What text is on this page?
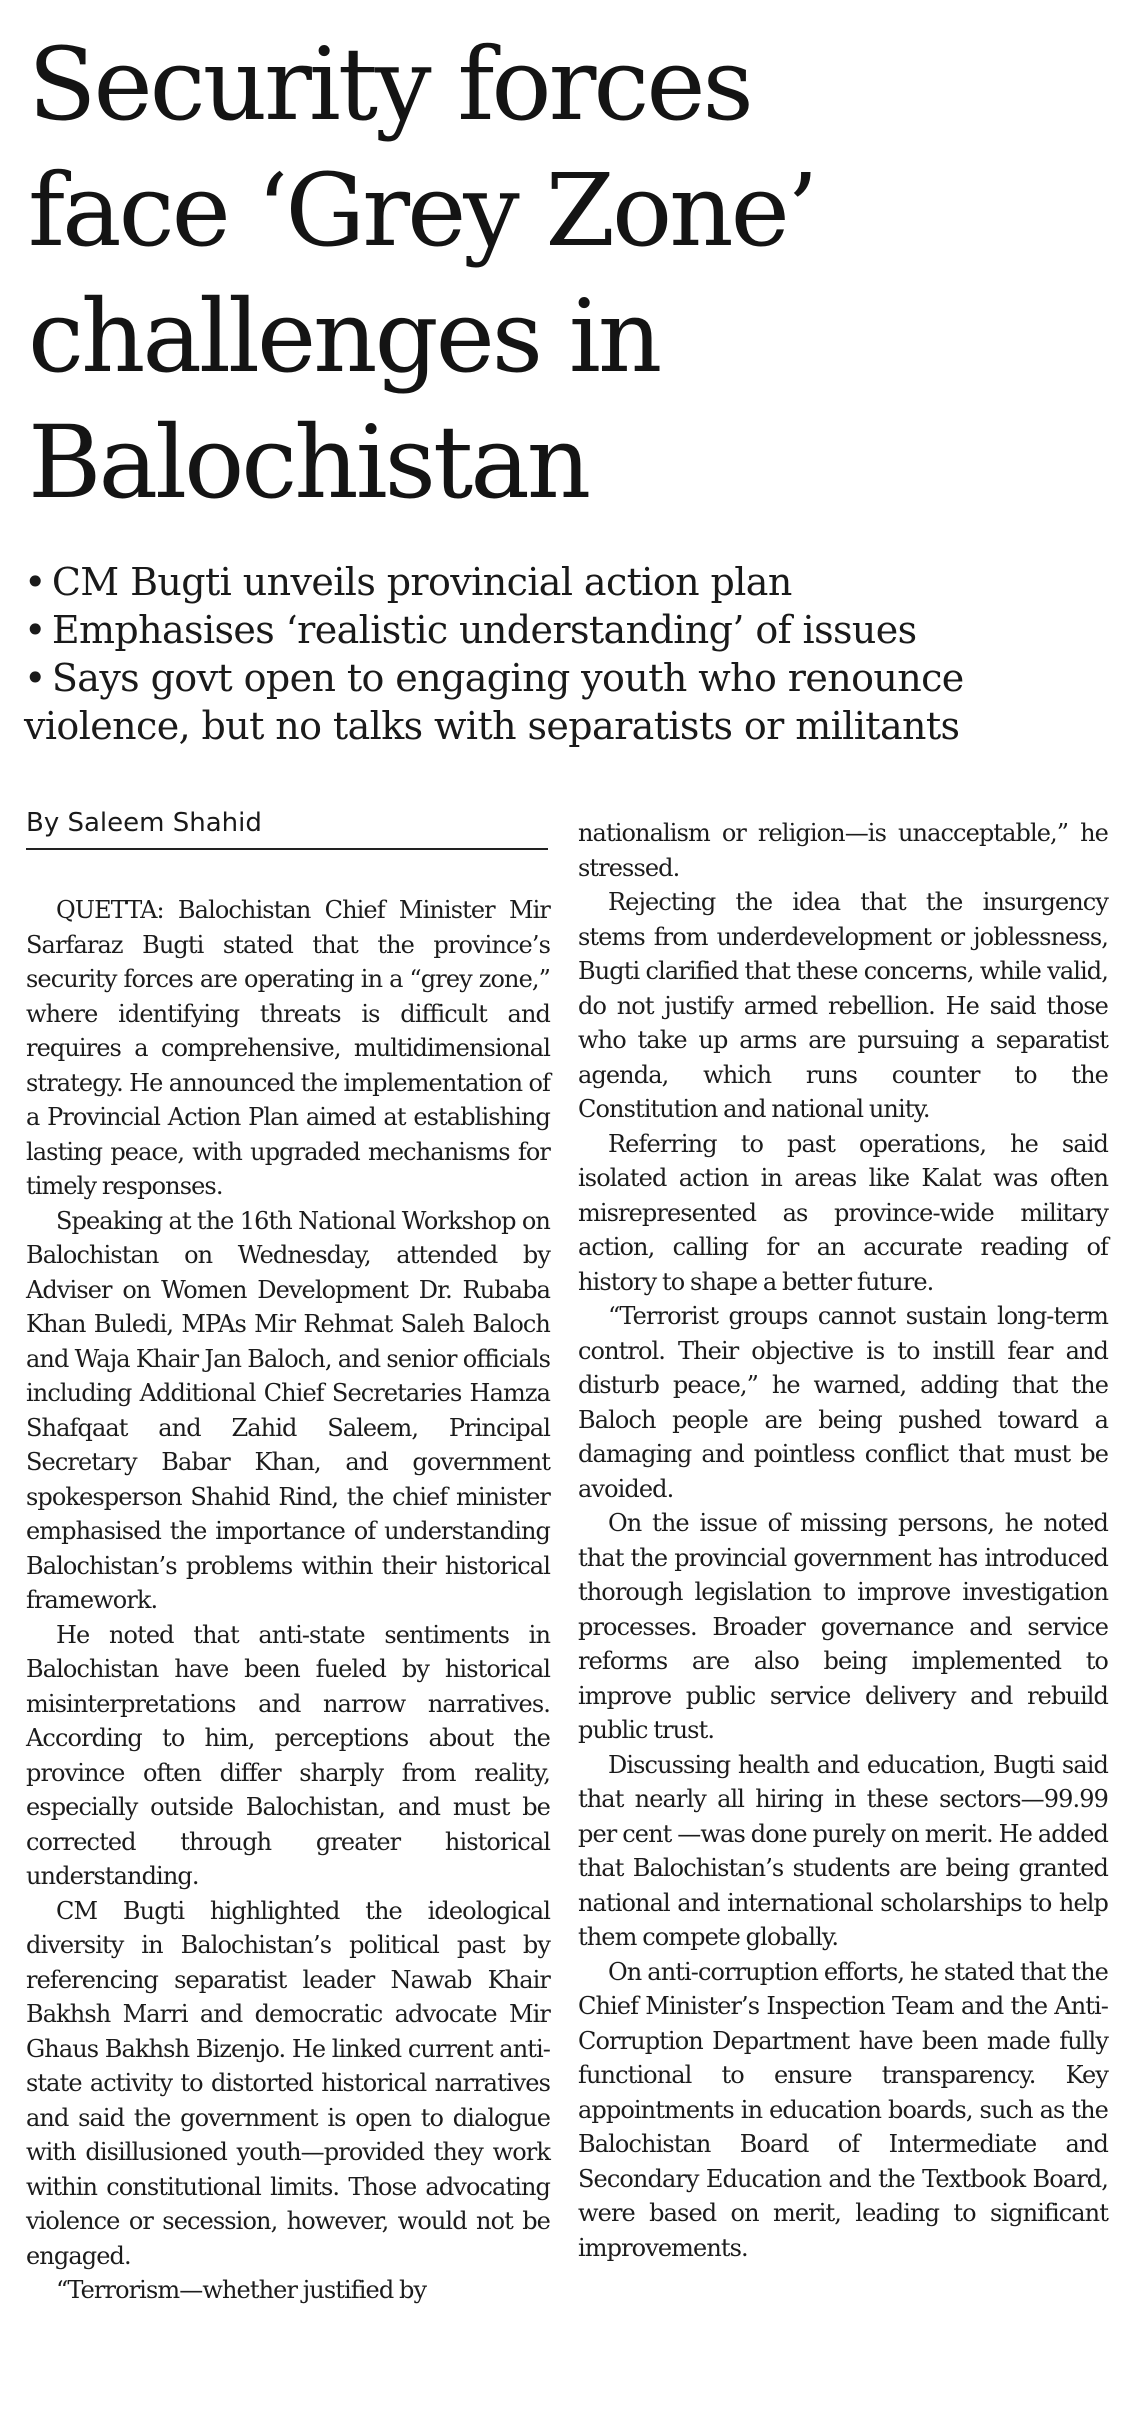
Security forces
face ‘Grey Zone’
challenges in
Balochistan
• CM Bugti unveils provincial action plan
• Emphasises ‘realistic understanding’ of issues
• Says govt open to engaging youth who renounce
violence, but no talks with separatists or militants
By Saleem Shahid

QUETTA: Balochistan Chief Minister Mir Sarfaraz Bugti stated that the province’s security forces are operating in a “grey zone,” where identifying threats is difficult and requires a comprehensive, multidimensional strategy. He announced the implementation of a Provincial Action Plan aimed at establishing lasting peace, with upgraded mechanisms for timely responses.

Speaking at the 16th National Workshop on Balochistan on Wednesday, attended by Adviser on Women Development Dr. Rubaba Khan Buledi, MPAs Mir Rehmat Saleh Baloch and Waja Khair Jan Baloch, and senior officials including Additional Chief Secretaries Hamza Shafqaat and Zahid Saleem, Principal Secretary Babar Khan, and government spokesperson Shahid Rind, the chief minister emphasised the importance of understanding Balochistan’s problems within their historical framework.

He noted that anti-state sentiments in Balochistan have been fueled by historical misinterpretations and narrow narratives. According to him, perceptions about the province often differ sharply from reality, especially outside Balochistan, and must be corrected through greater historical understanding.

CM Bugti highlighted the ideological diversity in Balochistan’s political past by referencing separatist leader Nawab Khair Bakhsh Marri and democratic advocate Mir Ghaus Bakhsh Bizenjo. He linked current anti-state activity to distorted historical narratives and said the government is open to dialogue with disillusioned youth—provided they work within constitutional limits. Those advocating violence or secession, however, would not be engaged.

“Terrorism—whether justified by

nationalism or religion—is unacceptable,” he stressed.

Rejecting the idea that the insurgency stems from underdevelopment or joblessness, Bugti clarified that these concerns, while valid, do not justify armed rebellion. He said those who take up arms are pursuing a separatist agenda, which runs counter to the Constitution and national unity.

Referring to past operations, he said isolated action in areas like Kalat was often misrepresented as province-wide military action, calling for an accurate reading of history to shape a better future.

“Terrorist groups cannot sustain long-term control. Their objective is to instill fear and disturb peace,” he warned, adding that the Baloch people are being pushed toward a damaging and pointless conflict that must be avoided.

On the issue of missing persons, he noted that the provincial government has introduced thorough legislation to improve investigation processes. Broader governance and service reforms are also being implemented to improve public service delivery and rebuild public trust.

Discussing health and education, Bugti said that nearly all hiring in these sectors—99.99 per cent —was done purely on merit. He added that Balochistan’s students are being granted national and international scholarships to help them compete globally.

On anti-corruption efforts, he stated that the Chief Minister’s Inspection Team and the Anti-Corruption Department have been made fully functional to ensure transparency. Key appointments in education boards, such as the Balochistan Board of Intermediate and Secondary Education and the Textbook Board, were based on merit, leading to significant improvements.
